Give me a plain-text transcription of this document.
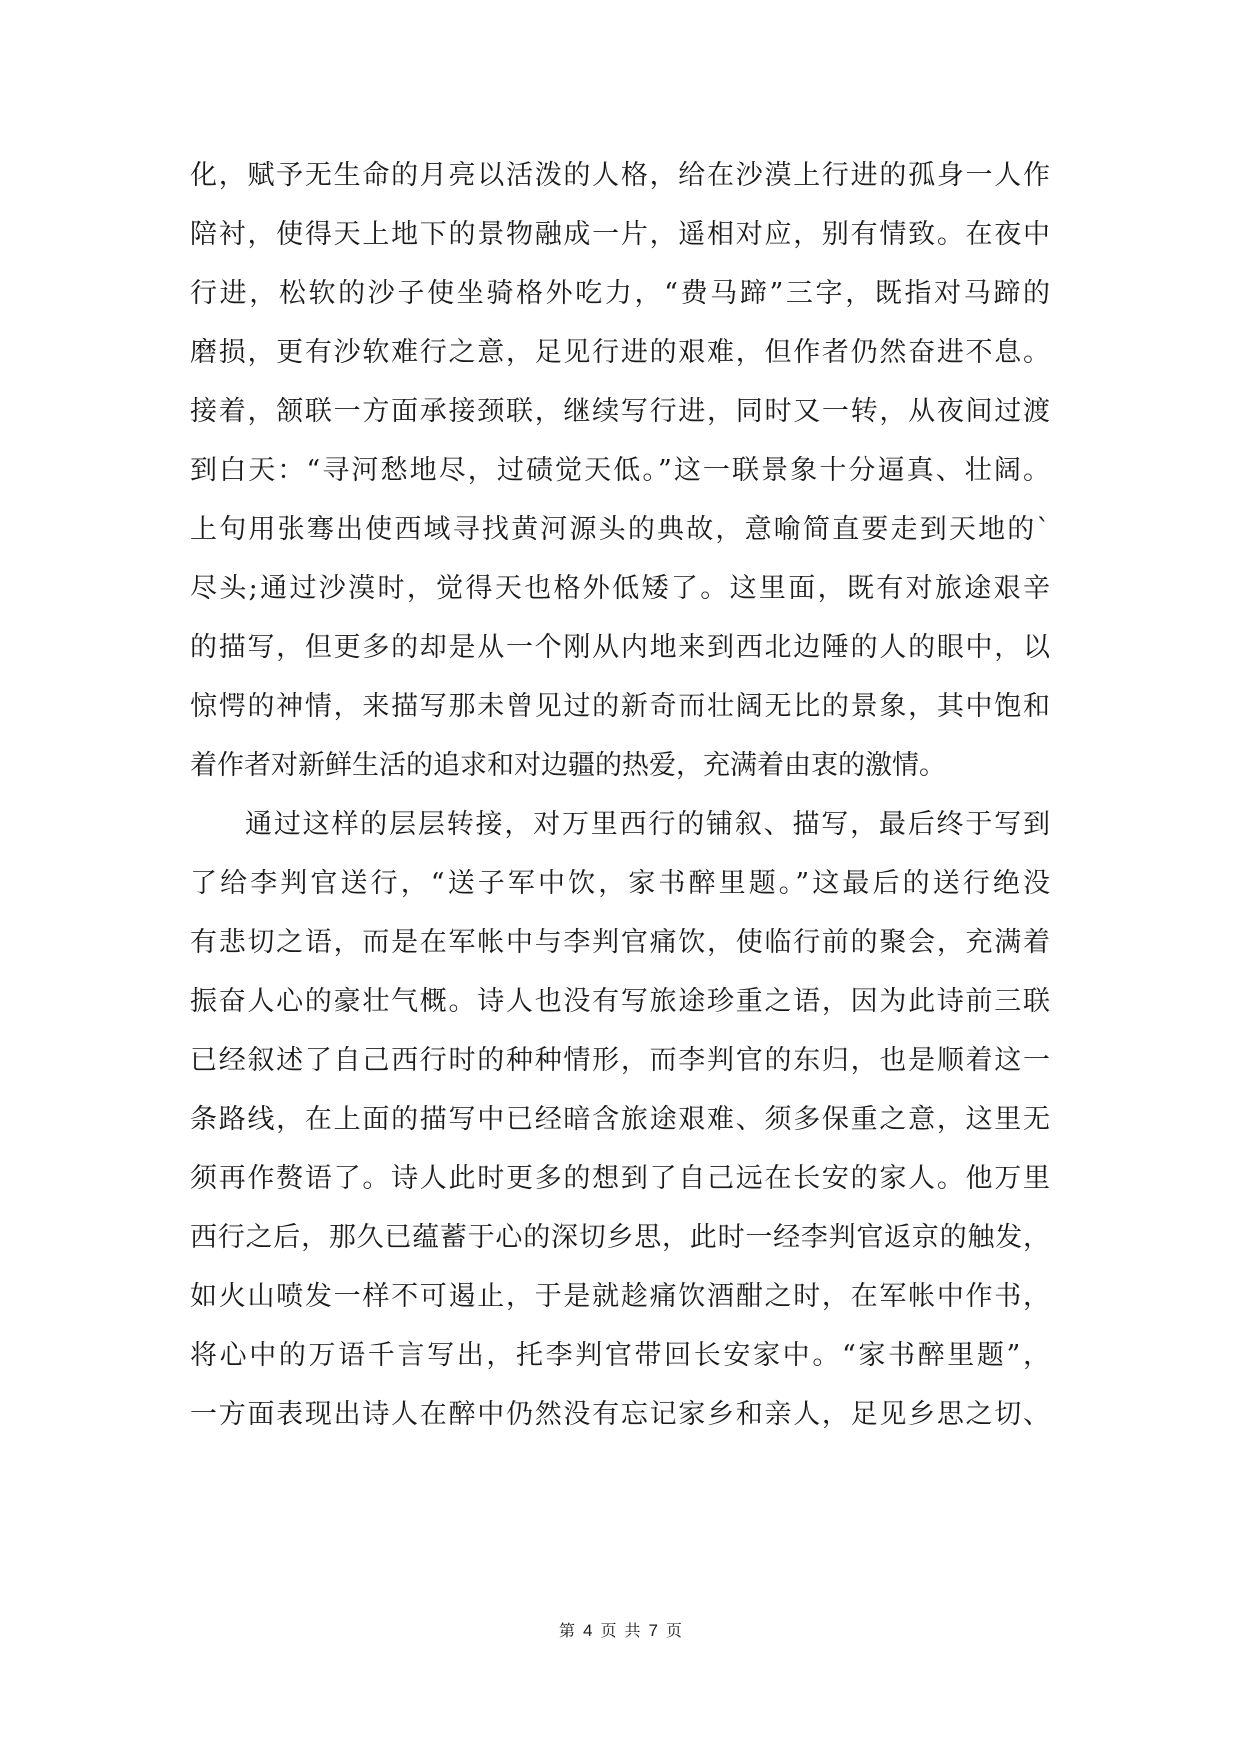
化，赋予无生命的月亮以活泼的人格，给在沙漠上行进的孤身一人作

陪衬，使得天上地下的景物融成一片，遥相对应，别有情致。在夜中

行进，松软的沙子使坐骑格外吃力，“费马蹄”三字，既指对马蹄的

磨损，更有沙软难行之意，足见行进的艰难，但作者仍然奋进不息。

接着，颔联一方面承接颈联，继续写行进，同时又一转，从夜间过渡

到白天：“寻河愁地尽，过碛觉天低。”这一联景象十分逼真、壮阔。

上句用张骞出使西域寻找黄河源头的典故，意喻简直要走到天地的`

尽头;通过沙漠时，觉得天也格外低矮了。这里面，既有对旅途艰辛

的描写，但更多的却是从一个刚从内地来到西北边陲的人的眼中，以

惊愕的神情，来描写那未曾见过的新奇而壮阔无比的景象，其中饱和

着作者对新鲜生活的追求和对边疆的热爱，充满着由衷的激情。

通过这样的层层转接，对万里西行的铺叙、描写，最后终于写到

了给李判官送行，“送子军中饮，家书醉里题。”这最后的送行绝没

有悲切之语，而是在军帐中与李判官痛饮，使临行前的聚会，充满着

振奋人心的豪壮气概。诗人也没有写旅途珍重之语，因为此诗前三联

已经叙述了自己西行时的种种情形，而李判官的东归，也是顺着这一

条路线，在上面的描写中已经暗含旅途艰难、须多保重之意，这里无

须再作赘语了。诗人此时更多的想到了自己远在长安的家人。他万里

西行之后，那久已蕴蓄于心的深切乡思，此时一经李判官返京的触发，

如火山喷发一样不可遏止，于是就趁痛饮酒酣之时，在军帐中作书，

将心中的万语千言写出，托李判官带回长安家中。“家书醉里题”，

一方面表现出诗人在醉中仍然没有忘记家乡和亲人，足见乡思之切、

第 4 页 共 7 页
